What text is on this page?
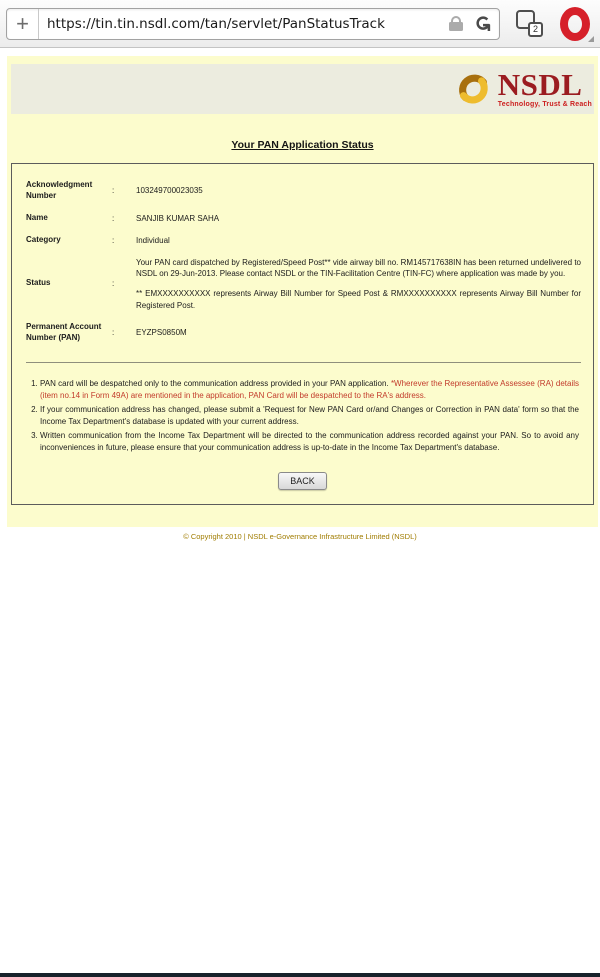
+
https://tin.tin.nsdl.com/tan/servlet/PanStatusTrack	↻	2
NSDL
Technology, Trust & Reach
Your PAN Application Status
Acknowledgment Number	:	103249700023035
Name	:	SANJIB KUMAR SAHA
Category	:	Individual
Status	:

Your PAN card dispatched by Registered/Speed Post** vide airway bill no. RM145717638IN has been returned undelivered to NSDL on 29-Jun-2013. Please contact NSDL or the TIN-Facilitation Centre (TIN-FC) where application was made by you.

** EMXXXXXXXXXX represents Airway Bill Number for Speed Post & RMXXXXXXXXXX represents Airway Bill Number for Registered Post.

Permanent Account Number (PAN)	:	EYZPS0850M
1. PAN card will be despatched only to the communication address provided in your PAN application. *Wherever the Representative Assessee (RA) details (item no.14 in Form 49A) are mentioned in the application, PAN Card will be despatched to the RA's address.
2. If your communication address has changed, please submit a 'Request for New PAN Card or/and Changes or Correction in PAN data' form so that the Income Tax Department's database is updated with your current address.
3. Written communication from the Income Tax Department will be directed to the communication address recorded against your PAN. So to avoid any inconveniences in future, please ensure that your communication address is up-to-date in the Income Tax Department's database.
BACK
© Copyright 2010 | NSDL e-Governance Infrastructure Limited (NSDL)
